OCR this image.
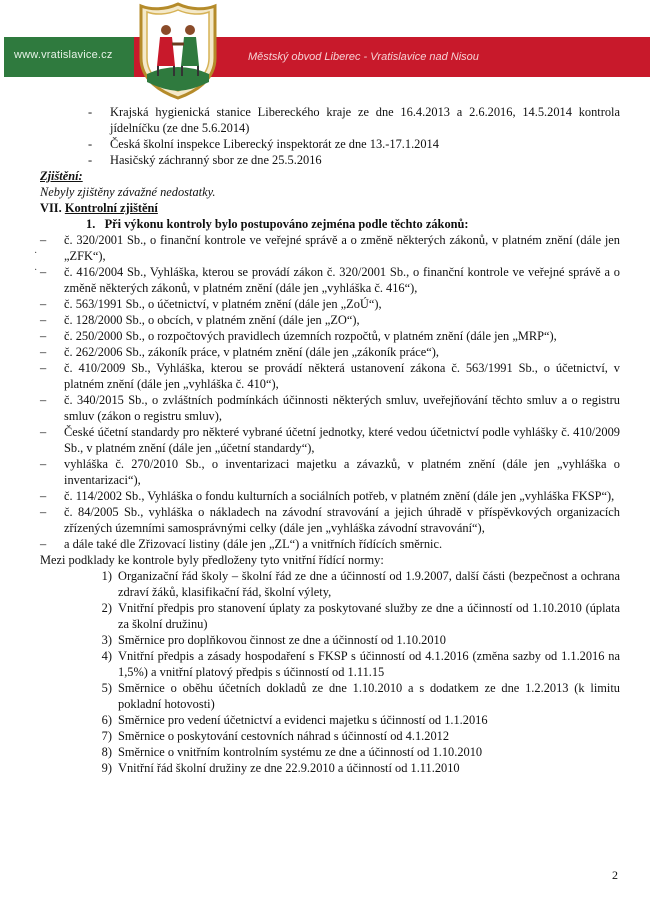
www.vratislavice.cz	Městský obvod Liberec - Vratislavice nad Nisou
·
·
-	Krajská hygienická stanice Libereckého kraje ze dne 16.4.2013 a 2.6.2016, 14.5.2014 kontrola jídelníčku (ze dne 5.6.2014)
-	Česká školní inspekce Liberecký inspektorát ze dne 13.-17.1.2014
-	Hasičský záchranný sbor ze dne 25.5.2016

Zjištění:

Nebyly zjištěny závažné nedostatky.

VII. Kontrolní zjištění

1.   Při výkonu kontroly bylo postupováno zejména podle těchto zákonů:

–	č. 320/2001 Sb., o finanční kontrole ve veřejné správě a o změně některých zákonů, v platném znění (dále jen „ZFK“),
–	č. 416/2004 Sb., Vyhláška, kterou se provádí zákon č. 320/2001 Sb., o finanční kontrole ve veřejné správě a o změně některých zákonů, v platném znění (dále jen „vyhláška č. 416“),
–	č. 563/1991 Sb., o účetnictví, v platném znění (dále jen „ZoÚ“),
–	č. 128/2000 Sb., o obcích, v platném znění (dále jen „ZO“),
–	č. 250/2000 Sb., o rozpočtových pravidlech územních rozpočtů, v platném znění (dále jen „MRP“),
–	č. 262/2006 Sb., zákoník práce, v platném znění (dále jen „zákoník práce“),
–	č. 410/2009 Sb., Vyhláška, kterou se provádí některá ustanovení zákona č. 563/1991 Sb., o účetnictví, v platném znění (dále jen „vyhláška č. 410“),
–	č. 340/2015 Sb., o zvláštních podmínkách účinnosti některých smluv, uveřejňování těchto smluv a o registru smluv (zákon o registru smluv),
–	České účetní standardy pro některé vybrané účetní jednotky, které vedou účetnictví podle vyhlášky č. 410/2009 Sb., v platném znění (dále jen „účetní standardy“),
–	vyhláška č. 270/2010 Sb., o inventarizaci majetku a závazků, v platném znění (dále jen „vyhláška o inventarizaci“),
–	č. 114/2002 Sb., Vyhláška o fondu kulturních a sociálních potřeb, v platném znění (dále jen „vyhláška FKSP“),
–	č. 84/2005 Sb., vyhláška o nákladech na závodní stravování a jejich úhradě v příspěvkových organizacích zřízených územními samosprávnými celky (dále jen „vyhláška závodní stravování“),
–	a dále také dle Zřizovací listiny (dále jen „ZL“) a vnitřních řídících směrnic.

Mezi podklady ke kontrole byly předloženy tyto vnitřní řídící normy:

1) Organizační řád školy – školní řád ze dne a účinností od 1.9.2007, další části (bezpečnost a ochrana zdraví žáků, klasifikační řád, školní výlety,
2) Vnitřní předpis pro stanovení úplaty za poskytované služby ze dne a účinností od 1.10.2010 (úplata za školní družinu)
3) Směrnice pro doplňkovou činnost ze dne a účinností od 1.10.2010
4) Vnitřní předpis a zásady hospodaření s FKSP s účinností od 4.1.2016 (změna sazby od 1.1.2016 na 1,5%) a vnitřní platový předpis s účinností od 1.11.15
5) Směrnice o oběhu účetních dokladů ze dne 1.10.2010 a s dodatkem ze dne 1.2.2013 (k limitu pokladní hotovosti)
6) Směrnice pro vedení účetnictví a evidenci majetku s účinností od 1.1.2016
7) Směrnice o poskytování cestovních náhrad s účinností od 4.1.2012
8) Směrnice o vnitřním kontrolním systému ze dne a účinností od 1.10.2010
9) Vnitřní řád školní družiny ze dne 22.9.2010 a účinností od 1.11.2010
2
